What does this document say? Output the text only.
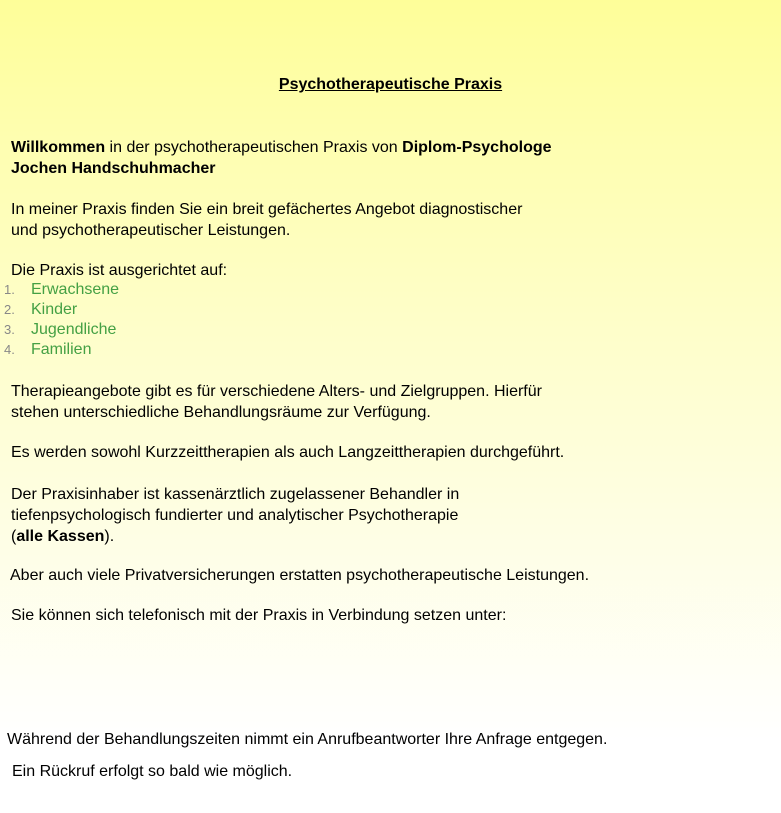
Psychotherapeutische Praxis
Willkommen in der psychotherapeutischen Praxis von Diplom-Psychologe
Jochen Handschuhmacher
In meiner Praxis finden Sie ein breit gefächertes Angebot diagnostischer
und psychotherapeutischer Leistungen.
Die Praxis ist ausgerichtet auf:
1.	Erwachsene
2.	Kinder
3.	Jugendliche
4.	Familien
Therapieangebote gibt es für verschiedene Alters- und Zielgruppen. Hierfür
stehen unterschiedliche Behandlungsräume zur Verfügung.
Es werden sowohl Kurzzeittherapien als auch Langzeittherapien durchgeführt.
Der Praxisinhaber ist kassenärztlich zugelassener Behandler in
tiefenpsychologisch fundierter und analytischer Psychotherapie
(alle Kassen).
Aber auch viele Privatversicherungen erstatten psychotherapeutische Leistungen.
Sie können sich telefonisch mit der Praxis in Verbindung setzen unter:
Während der Behandlungszeiten nimmt ein Anrufbeantworter Ihre Anfrage entgegen.
Ein Rückruf erfolgt so bald wie möglich.
